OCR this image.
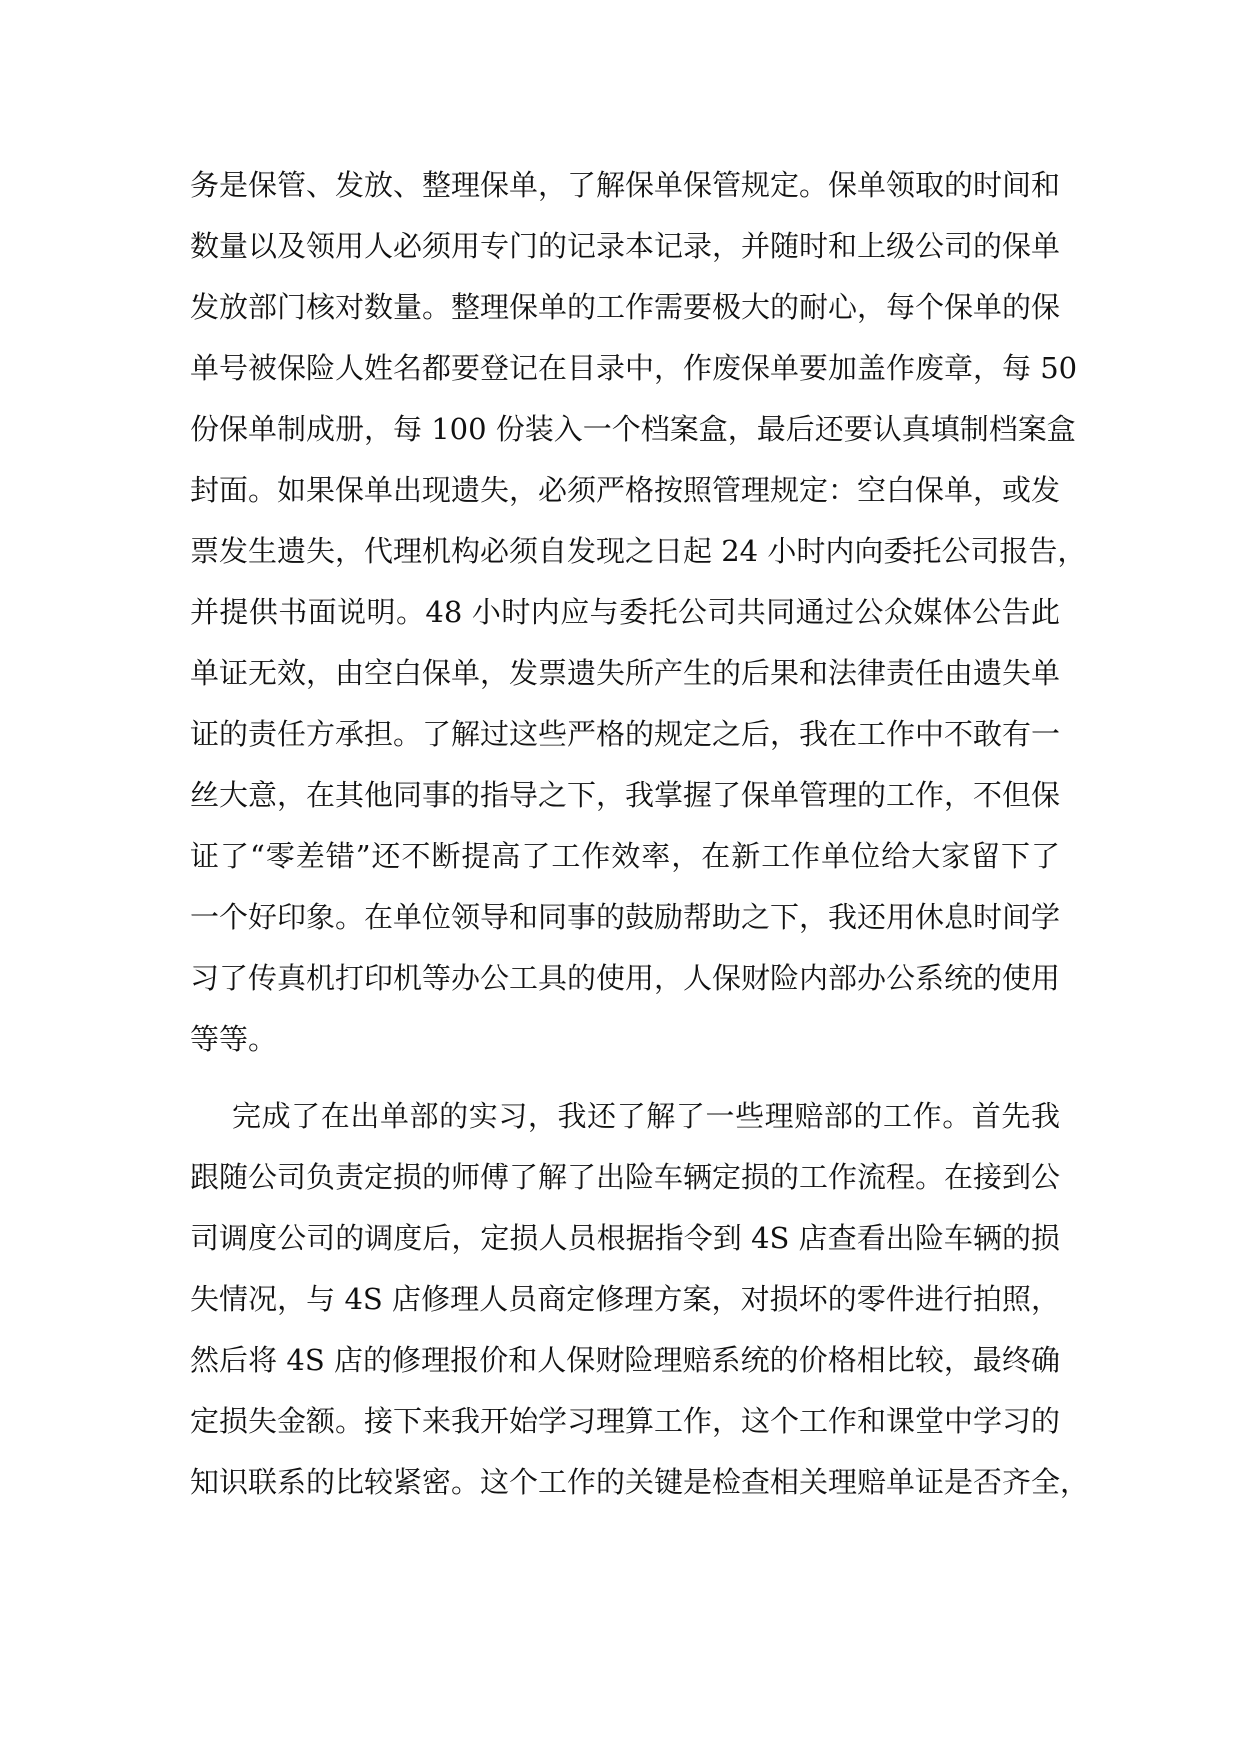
务是保管、发放、整理保单，了解保单保管规定。保单领取的时间和
数量以及领用人必须用专门的记录本记录，并随时和上级公司的保单
发放部门核对数量。整理保单的工作需要极大的耐心，每个保单的保
单号被保险人姓名都要登记在目录中，作废保单要加盖作废章，每 50
份保单制成册，每 100 份装入一个档案盒，最后还要认真填制档案盒
封面。如果保单出现遗失，必须严格按照管理规定：空白保单，或发
票发生遗失，代理机构必须自发现之日起 24 小时内向委托公司报告，
并提供书面说明。48 小时内应与委托公司共同通过公众媒体公告此
单证无效，由空白保单，发票遗失所产生的后果和法律责任由遗失单
证的责任方承担。了解过这些严格的规定之后，我在工作中不敢有一
丝大意，在其他同事的指导之下，我掌握了保单管理的工作，不但保
证了“零差错”还不断提高了工作效率，在新工作单位给大家留下了
一个好印象。在单位领导和同事的鼓励帮助之下，我还用休息时间学
习了传真机打印机等办公工具的使用，人保财险内部办公系统的使用
等等。
完成了在出单部的实习，我还了解了一些理赔部的工作。首先我
跟随公司负责定损的师傅了解了出险车辆定损的工作流程。在接到公
司调度公司的调度后，定损人员根据指令到 4S 店查看出险车辆的损
失情况，与 4S 店修理人员商定修理方案，对损坏的零件进行拍照，
然后将 4S 店的修理报价和人保财险理赔系统的价格相比较，最终确
定损失金额。接下来我开始学习理算工作，这个工作和课堂中学习的
知识联系的比较紧密。这个工作的关键是检查相关理赔单证是否齐全，
